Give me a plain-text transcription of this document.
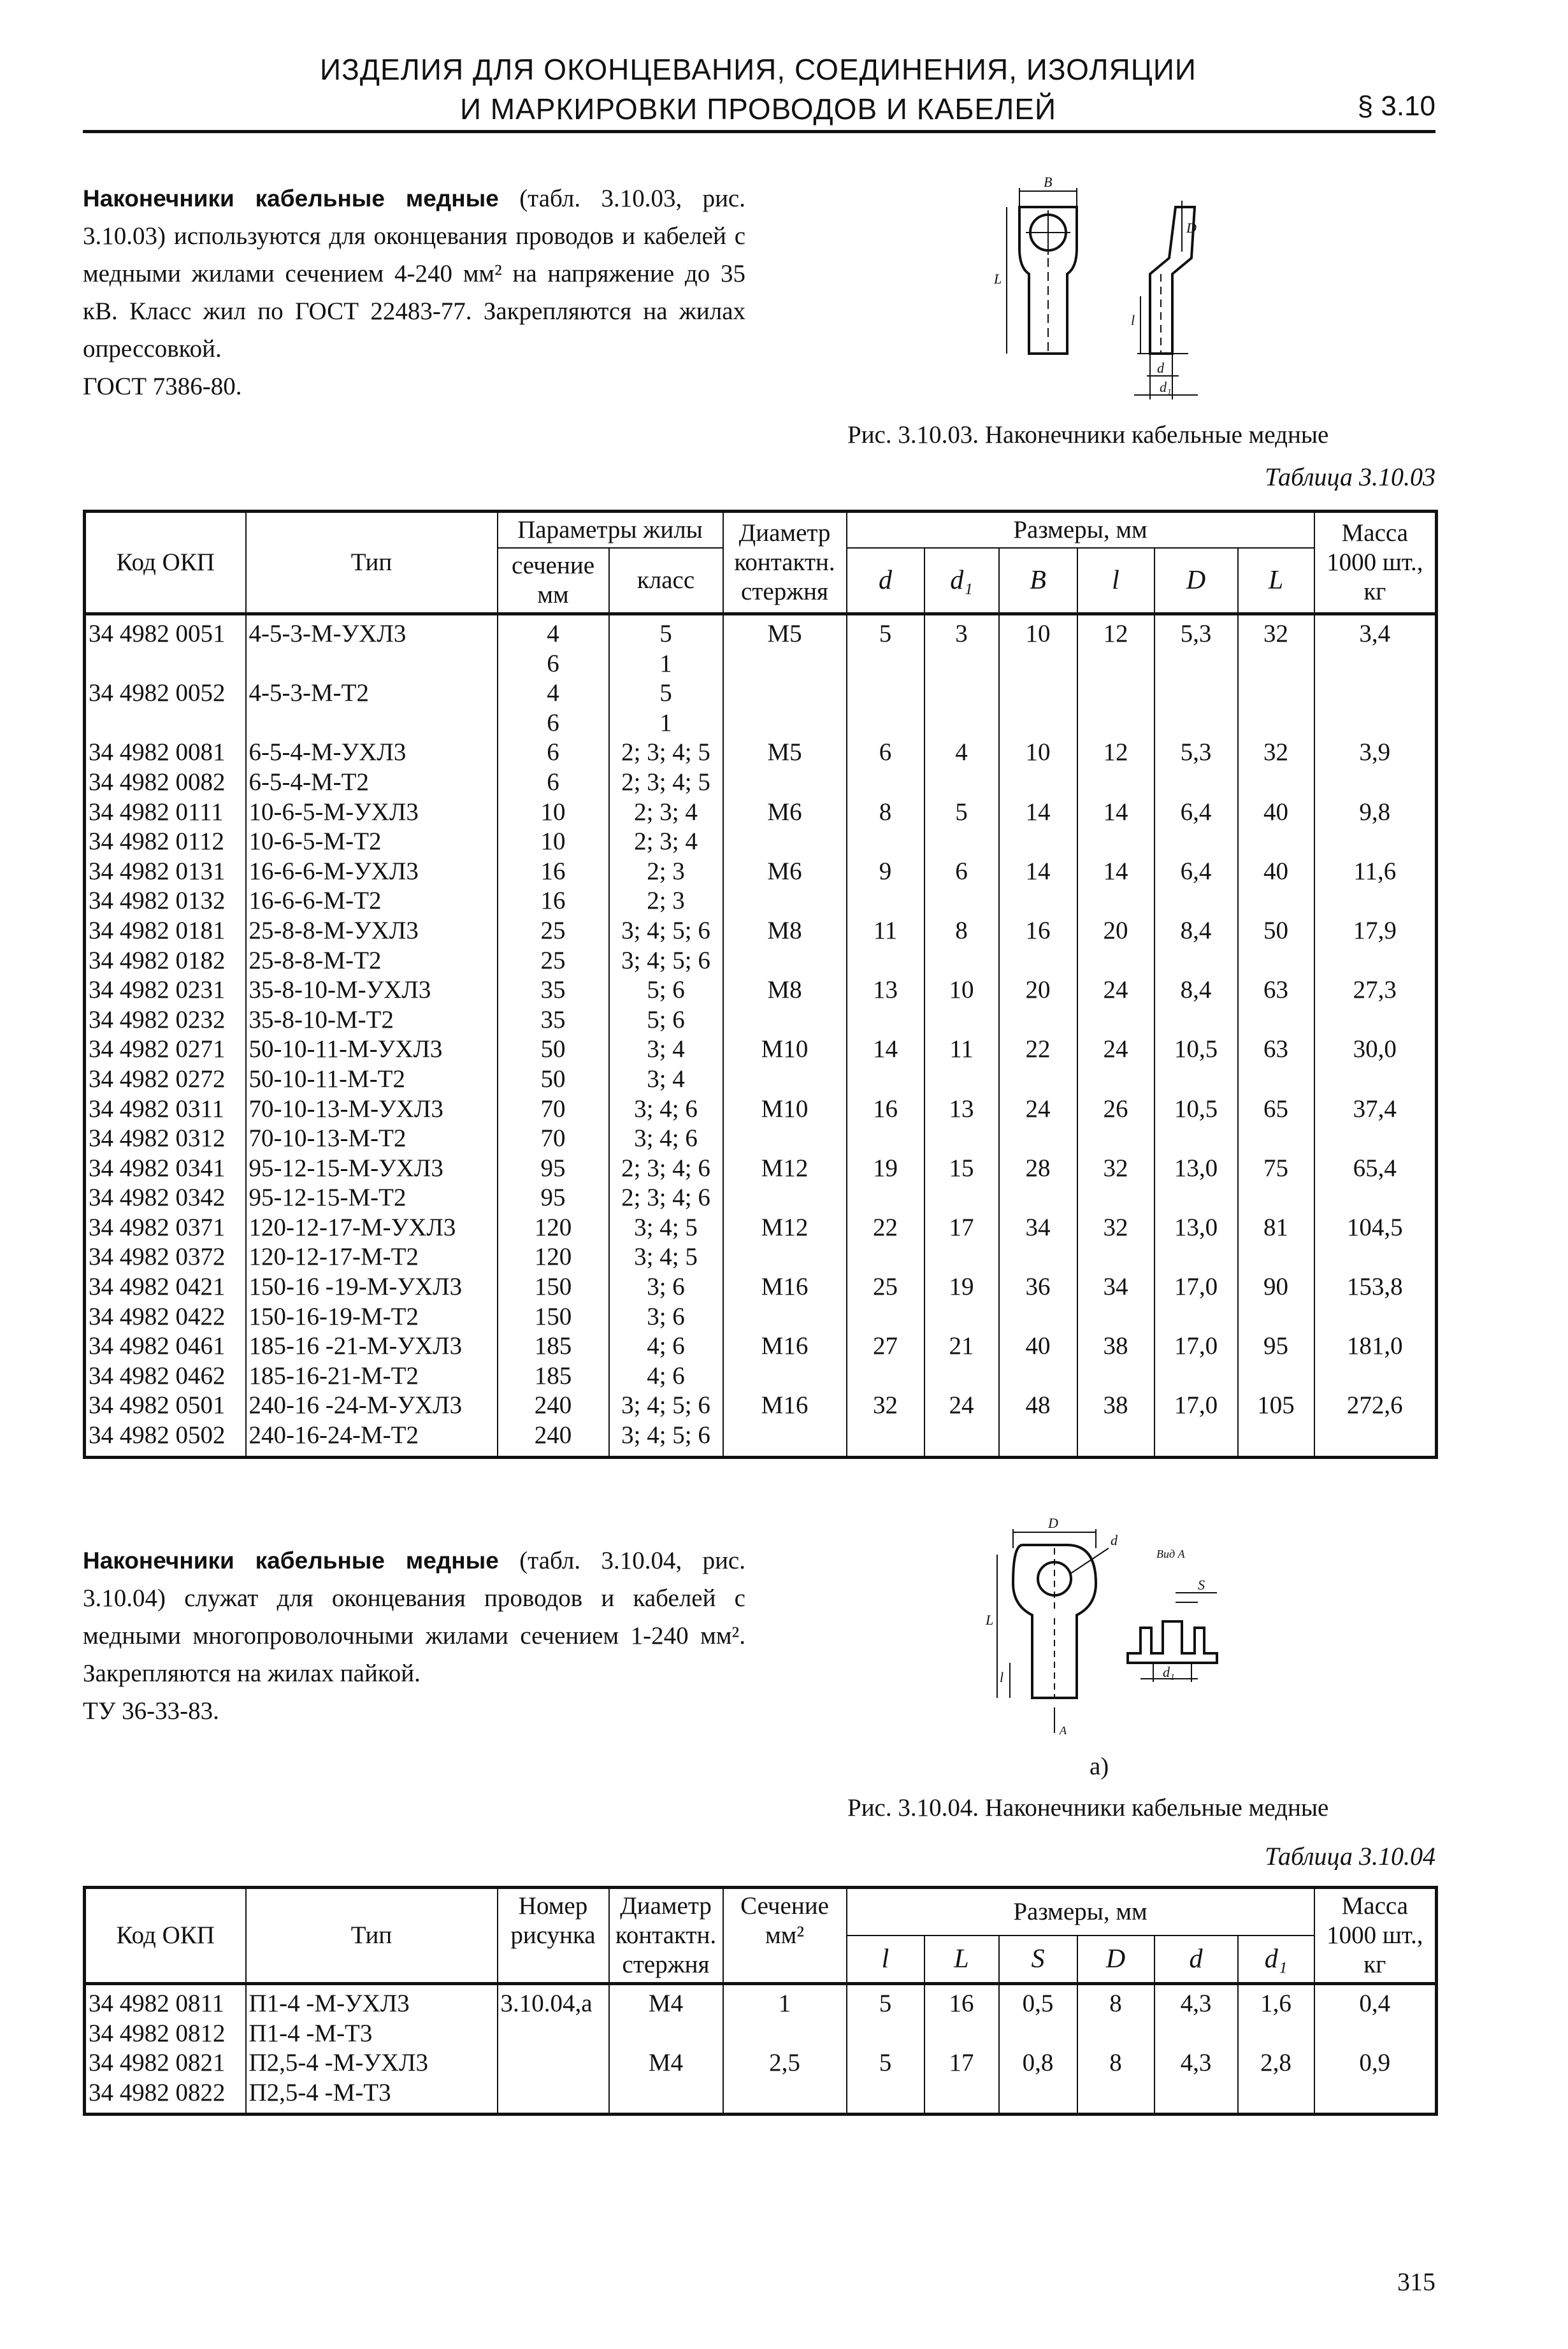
ИЗДЕЛИЯ ДЛЯ ОКОНЦЕВАНИЯ, СОЕДИНЕНИЯ, ИЗОЛЯЦИИ
И МАРКИРОВКИ ПРОВОДОВ И КАБЕЛЕЙ	§ 3.10
Наконечники кабельные медные (табл. 3.10.03, рис. 3.10.03) используются для оконцевания проводов и кабелей с медными жилами сечением 4-240 мм² на напряжение до 35 кВ. Класс жил по ГОСТ 22483-77. Закрепляются на жилах опрессовкой.
ГОСТ 7386-80.
B
L
D
l
d
d₁
Рис. 3.10.03. Наконечники кабельные медные
Таблица 3.10.03
Код ОКП	Тип	Параметры жилы		Диаметр контактн. стержня	Размеры, мм						Масса 1000 шт., кг
		сечение мм	класс		d	d₁	B	l	D	L	
34 4982 0051	4-5-3-М-УХЛ3	4	5	М5	5	3	10	12	5,3	32	3,4
		6	1								
34 4982 0052	4-5-3-М-Т2	4	5								
		6	1								
34 4982 0081	6-5-4-М-УХЛ3	6	2; 3; 4; 5	М5	6	4	10	12	5,3	32	3,9
34 4982 0082	6-5-4-М-Т2	6	2; 3; 4; 5								
34 4982 0111	10-6-5-М-УХЛ3	10	2; 3; 4	М6	8	5	14	14	6,4	40	9,8
34 4982 0112	10-6-5-М-Т2	10	2; 3; 4								
34 4982 0131	16-6-6-М-УХЛ3	16	2; 3	М6	9	6	14	14	6,4	40	11,6
34 4982 0132	16-6-6-М-Т2	16	2; 3								
34 4982 0181	25-8-8-М-УХЛ3	25	3; 4; 5; 6	М8	11	8	16	20	8,4	50	17,9
34 4982 0182	25-8-8-М-Т2	25	3; 4; 5; 6								
34 4982 0231	35-8-10-М-УХЛ3	35	5; 6	М8	13	10	20	24	8,4	63	27,3
34 4982 0232	35-8-10-М-Т2	35	5; 6								
34 4982 0271	50-10-11-М-УХЛ3	50	3; 4	М10	14	11	22	24	10,5	63	30,0
34 4982 0272	50-10-11-М-Т2	50	3; 4								
34 4982 0311	70-10-13-М-УХЛ3	70	3; 4; 6	М10	16	13	24	26	10,5	65	37,4
34 4982 0312	70-10-13-М-Т2	70	3; 4; 6								
34 4982 0341	95-12-15-М-УХЛ3	95	2; 3; 4; 6	М12	19	15	28	32	13,0	75	65,4
34 4982 0342	95-12-15-М-Т2	95	2; 3; 4; 6								
34 4982 0371	120-12-17-М-УХЛ3	120	3; 4; 5	М12	22	17	34	32	13,0	81	104,5
34 4982 0372	120-12-17-М-Т2	120	3; 4; 5								
34 4982 0421	150-16 -19-М-УХЛ3	150	3; 6	М16	25	19	36	34	17,0	90	153,8
34 4982 0422	150-16-19-М-Т2	150	3; 6								
34 4982 0461	185-16 -21-М-УХЛ3	185	4; 6	М16	27	21	40	38	17,0	95	181,0
34 4982 0462	185-16-21-М-Т2	185	4; 6								
34 4982 0501	240-16 -24-М-УХЛ3	240	3; 4; 5; 6	М16	32	24	48	38	17,0	105	272,6
34 4982 0502	240-16-24-М-Т2	240	3; 4; 5; 6								
Наконечники кабельные медные (табл. 3.10.04, рис. 3.10.04) служат для оконцевания проводов и кабелей с медными многопроволочными жилами сечением 1-240 мм². Закрепляются на жилах пайкой.
ТУ 36-33-83.
D
d
L
l
Вид А
S
d₁
A
а)
Рис. 3.10.04. Наконечники кабельные медные
Таблица 3.10.04
Код ОКП	Тип	Номер рисунка	Диаметр контактн. стержня	Сечение мм²	Размеры, мм						Масса 1000 шт., кг
					l	L	S	D	d	d₁	
34 4982 0811	П1-4 -М-УХЛ3	3.10.04,а	М4	1	5	16	0,5	8	4,3	1,6	0,4
34 4982 0812	П1-4 -М-Т3										
34 4982 0821	П2,5-4 -М-УХЛ3		М4	2,5	5	17	0,8	8	4,3	2,8	0,9
34 4982 0822	П2,5-4 -М-Т3										
315
